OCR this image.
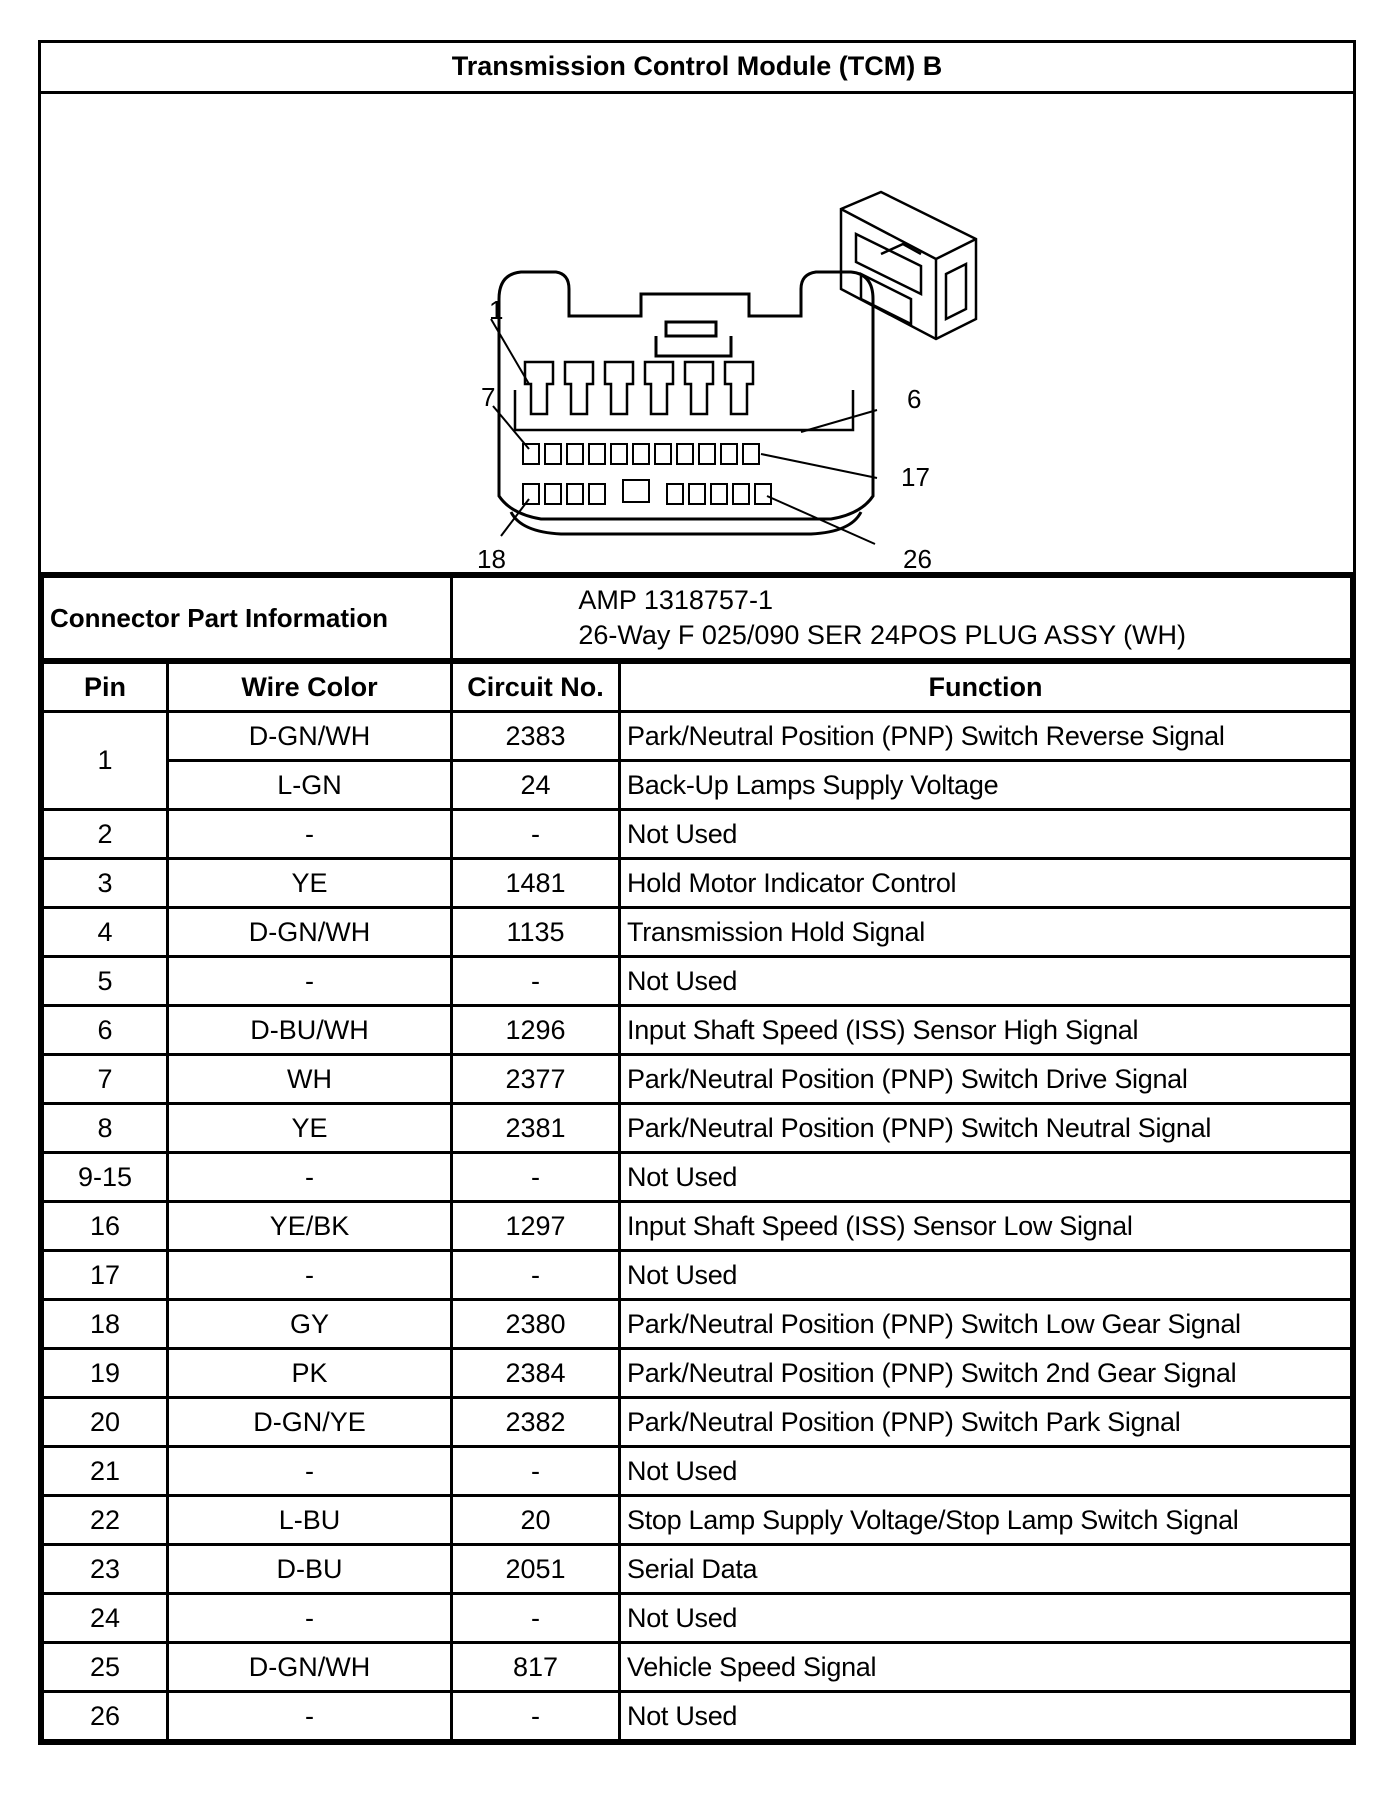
Transmission Control Module (TCM) B
1
7	6
17
18	26
Connector Part Information	
AMP 1318757-1
26-Way F 025/090 SER 24POS PLUG ASSY (WH)
Pin	Wire Color	Circuit No.	Function
1	D-GN/WH	2383	Park/Neutral Position (PNP) Switch Reverse Signal
	L-GN	24	Back-Up Lamps Supply Voltage
2	-	-	Not Used
3	YE	1481	Hold Motor Indicator Control
4	D-GN/WH	1135	Transmission Hold Signal
5	-	-	Not Used
6	D-BU/WH	1296	Input Shaft Speed (ISS) Sensor High Signal
7	WH	2377	Park/Neutral Position (PNP) Switch Drive Signal
8	YE	2381	Park/Neutral Position (PNP) Switch Neutral Signal
9-15	-	-	Not Used
16	YE/BK	1297	Input Shaft Speed (ISS) Sensor Low Signal
17	-	-	Not Used
18	GY	2380	Park/Neutral Position (PNP) Switch Low Gear Signal
19	PK	2384	Park/Neutral Position (PNP) Switch 2nd Gear Signal
20	D-GN/YE	2382	Park/Neutral Position (PNP) Switch Park Signal
21	-	-	Not Used
22	L-BU	20	Stop Lamp Supply Voltage/Stop Lamp Switch Signal
23	D-BU	2051	Serial Data
24	-	-	Not Used
25	D-GN/WH	817	Vehicle Speed Signal
26	-	-	Not Used
